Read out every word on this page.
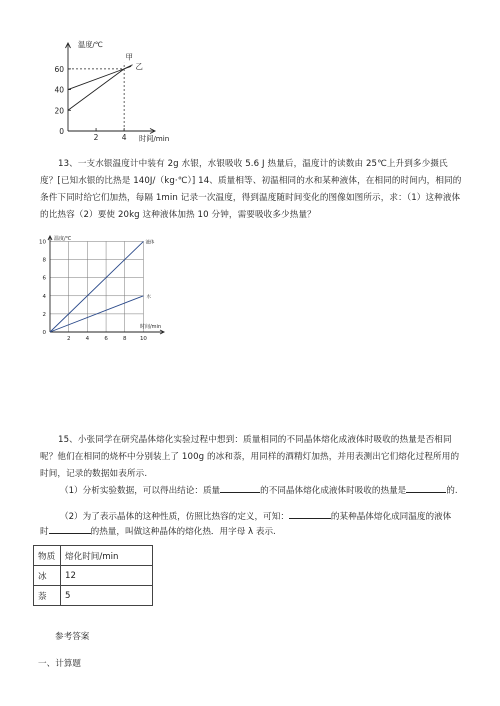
温度/℃
时间/min
60
40
20
0
2	4
甲
乙
温度/℃
时间/min
10
8
6
4
2
0
2	4	6	8 10
液体
水
13、一支水银温度计中装有 2g 水银，水银吸收 5.6 J 热量后，温度计的读数由 25℃上升到多少摄氏度？[已知水银的比热是 140J/（kg·℃）] 14、质量相等、初温相同的水和某种液体，在相同的时间内，相同的条件下同时给它们加热，每隔 1min 记录一次温度，得到温度随时间变化的图像如图所示，求：（1）这种液体的比热容（2）要使 20kg 这种液体加热 10 分钟，需要吸收多少热量？
15、小张同学在研究晶体熔化实验过程中想到：质量相同的不同晶体熔化成液体时吸收的热量是否相同呢？他们在相同的烧杯中分别装上了 100g 的冰和萘，用同样的酒精灯加热，并用表测出它们熔化过程所用的时间，记录的数据如表所示.
（1）分析实验数据，可以得出结论：质量	的不同晶体熔化成液体时吸收的热量是	的.
（2）为了表示晶体的这种性质，仿照比热容的定义，可知：	的某种晶体熔化成同温度的液体
时	的热量，叫做这种晶体的熔化热．用字母 λ 表示.
物质	熔化时间/min
冰	12
萘	5
参考答案
一、计算题
